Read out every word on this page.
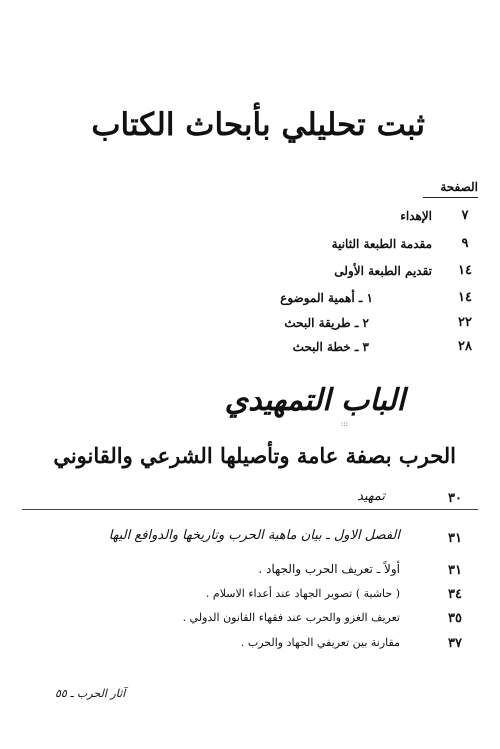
ثبت تحليلي بأبحاث الكتاب
الصفحة
٧
الإهداء
٩
مقدمة الطبعة الثانية
١٤
تقديم الطبعة الأولى
١٤
١ ـ أهمية الموضوع
٢٢
٢ ـ طريقة البحث
٢٨
٣ ـ خطة البحث
الباب التمهيدي
:::
الحرب بصفة عامة وتأصيلها الشرعي والقانوني
٣٠
تمهيد
٣١
الفصل الاول ـ بيان ماهية الحرب وتاريخها والدوافع اليها
٣١
أولاً ـ تعريف الحرب والجهاد .
٣٤
( حاشية ) تصوير الجهاد عند أعداء الاسلام .
٣٥
تعريف الغزو والحرب عند فقهاء القانون الدولي .
٣٧
مقارنة بين تعريفي الجهاد والحرب .
آثار الحرب ـ ٥٥
